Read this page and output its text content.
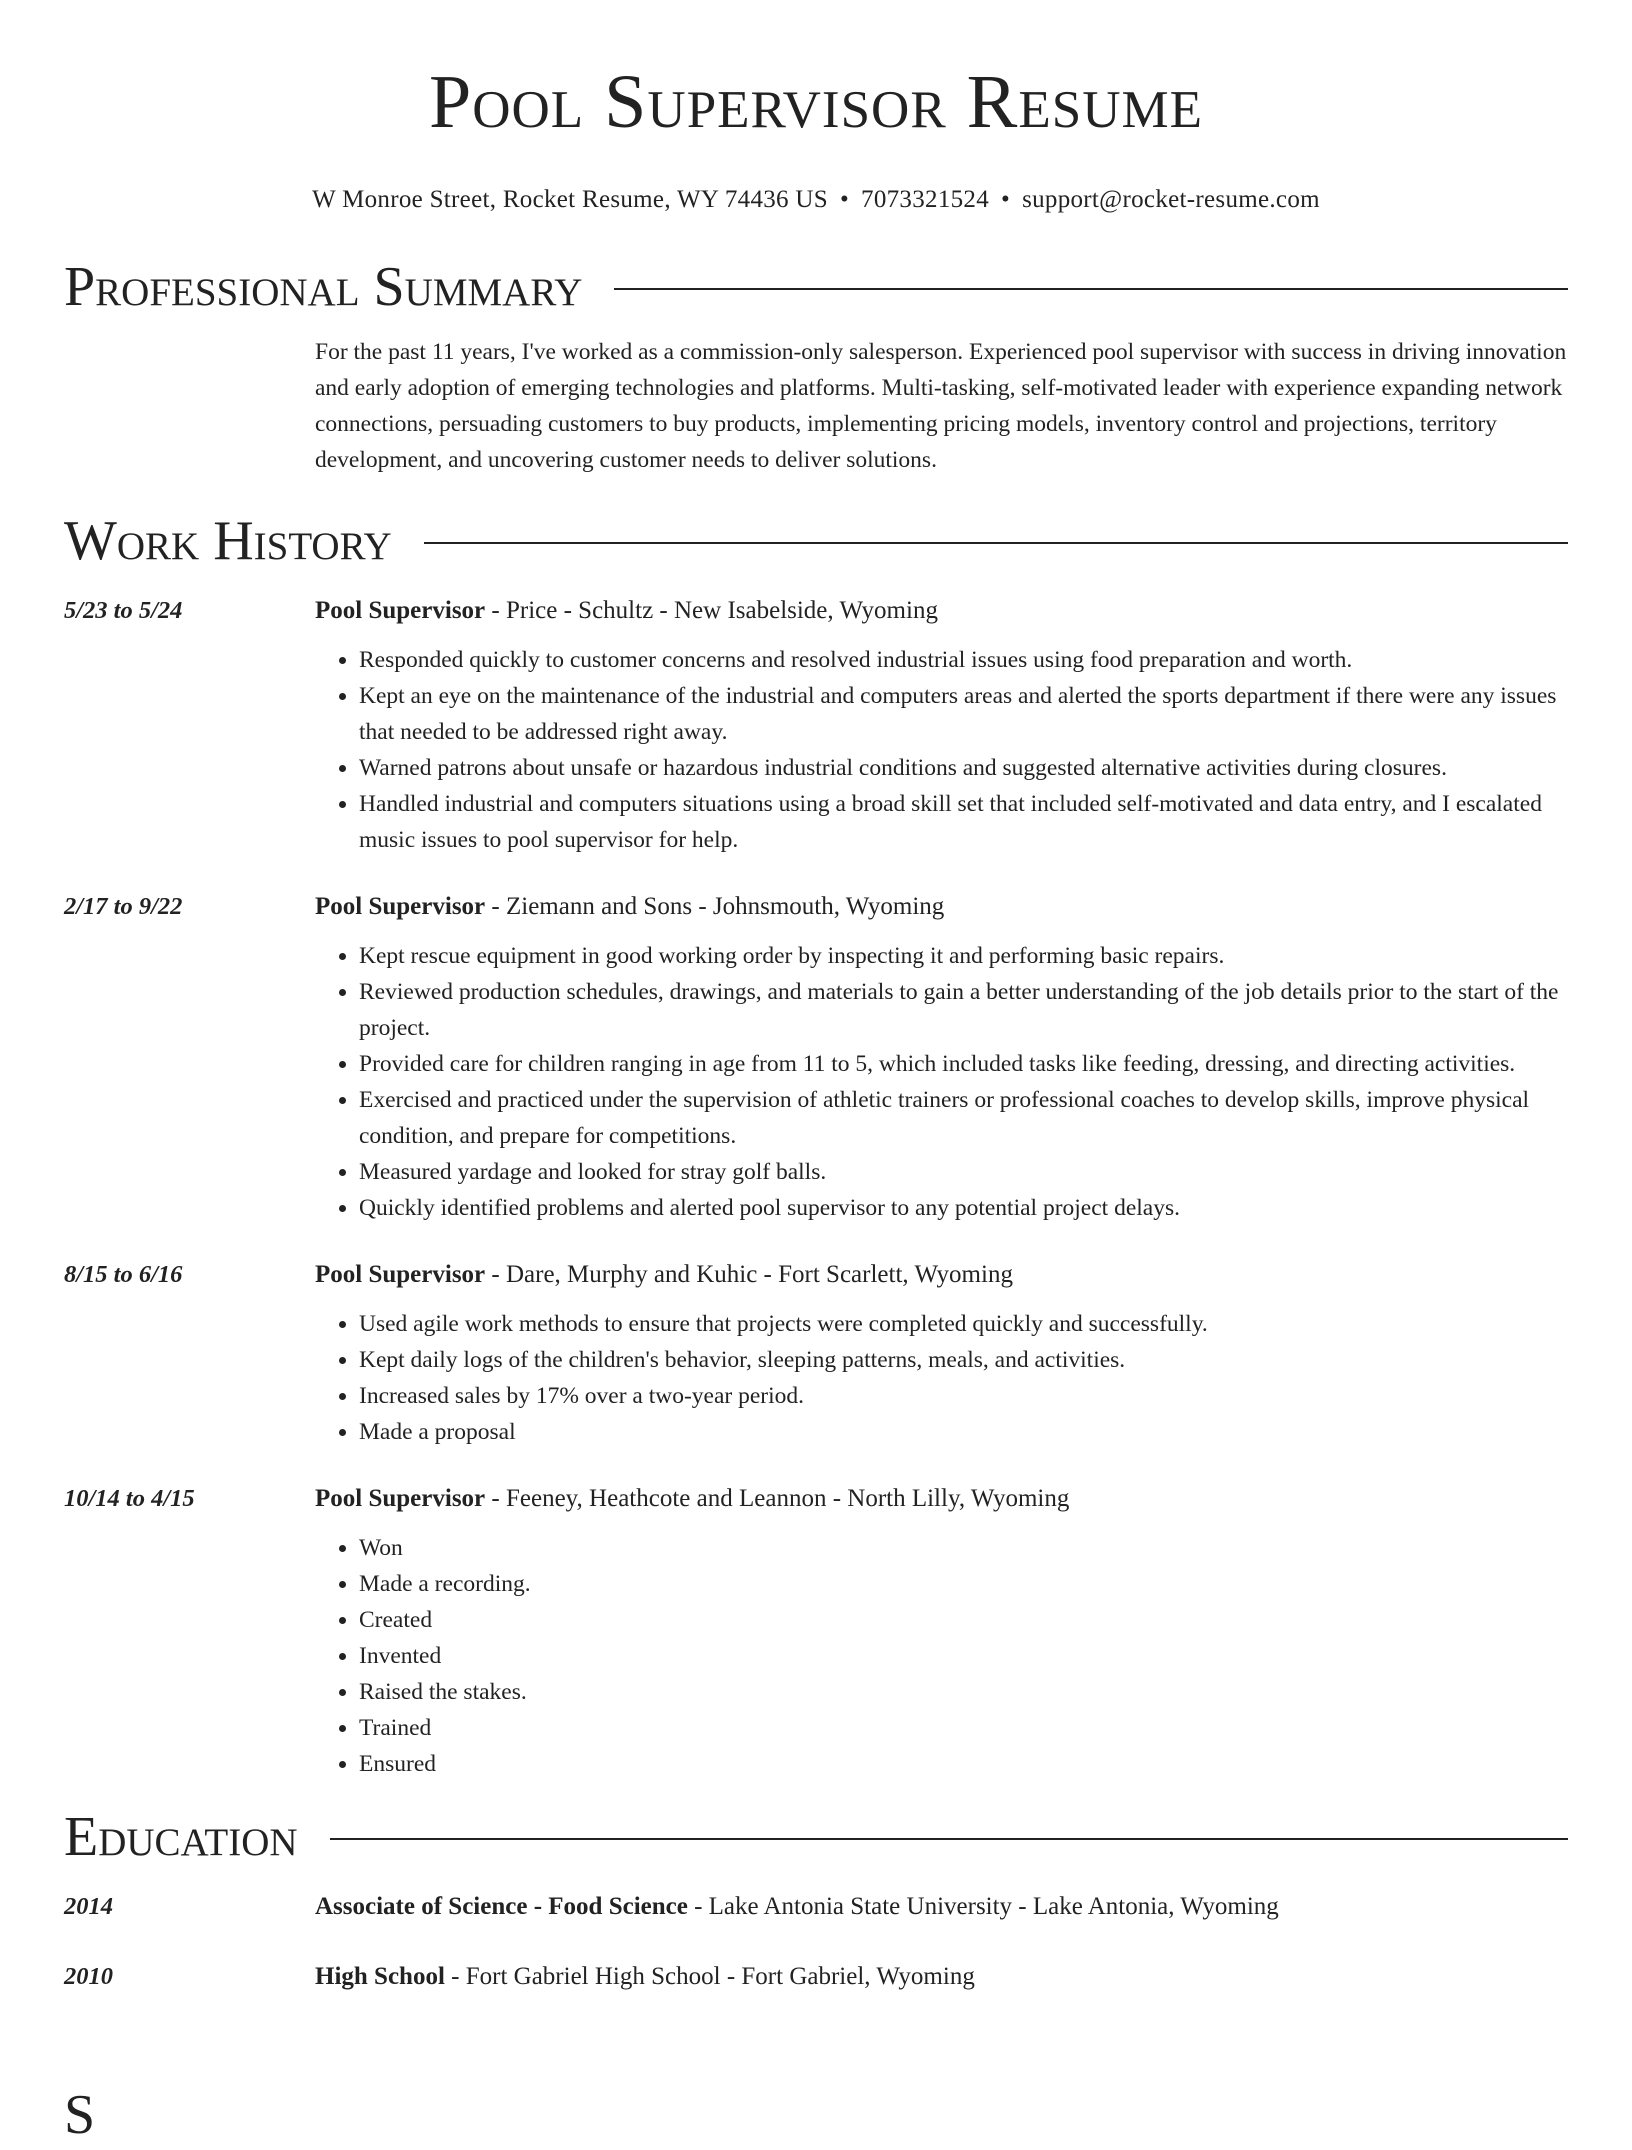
Pool Supervisor Resume
W Monroe Street, Rocket Resume, WY 74436 US • 7073321524 • support@rocket-resume.com
Professional Summary
For the past 11 years, I've worked as a commission-only salesperson. Experienced pool supervisor with success in driving innovation and early adoption of emerging technologies and platforms. Multi-tasking, self-motivated leader with experience expanding network connections, persuading customers to buy products, implementing pricing models, inventory control and projections, territory development, and uncovering customer needs to deliver solutions.
Work History
5/23 to 5/24	Pool Supervisor - Price - Schultz - New Isabelside, Wyoming
• Responded quickly to customer concerns and resolved industrial issues using food preparation and worth.
• Kept an eye on the maintenance of the industrial and computers areas and alerted the sports department if there were any issues that needed to be addressed right away.
• Warned patrons about unsafe or hazardous industrial conditions and suggested alternative activities during closures.
• Handled industrial and computers situations using a broad skill set that included self-motivated and data entry, and I escalated music issues to pool supervisor for help.
2/17 to 9/22	Pool Supervisor - Ziemann and Sons - Johnsmouth, Wyoming
• Kept rescue equipment in good working order by inspecting it and performing basic repairs.
• Reviewed production schedules, drawings, and materials to gain a better understanding of the job details prior to the start of the project.
• Provided care for children ranging in age from 11 to 5, which included tasks like feeding, dressing, and directing activities.
• Exercised and practiced under the supervision of athletic trainers or professional coaches to develop skills, improve physical condition, and prepare for competitions.
• Measured yardage and looked for stray golf balls.
• Quickly identified problems and alerted pool supervisor to any potential project delays.
8/15 to 6/16	Pool Supervisor - Dare, Murphy and Kuhic - Fort Scarlett, Wyoming
• Used agile work methods to ensure that projects were completed quickly and successfully.
• Kept daily logs of the children's behavior, sleeping patterns, meals, and activities.
• Increased sales by 17% over a two-year period.
• Made a proposal
10/14 to 4/15	Pool Supervisor - Feeney, Heathcote and Leannon - North Lilly, Wyoming
• Won
• Made a recording.
• Created
• Invented
• Raised the stakes.
• Trained
• Ensured
Education
2014	Associate of Science - Food Science - Lake Antonia State University - Lake Antonia, Wyoming
2010	High School - Fort Gabriel High School - Fort Gabriel, Wyoming
S
